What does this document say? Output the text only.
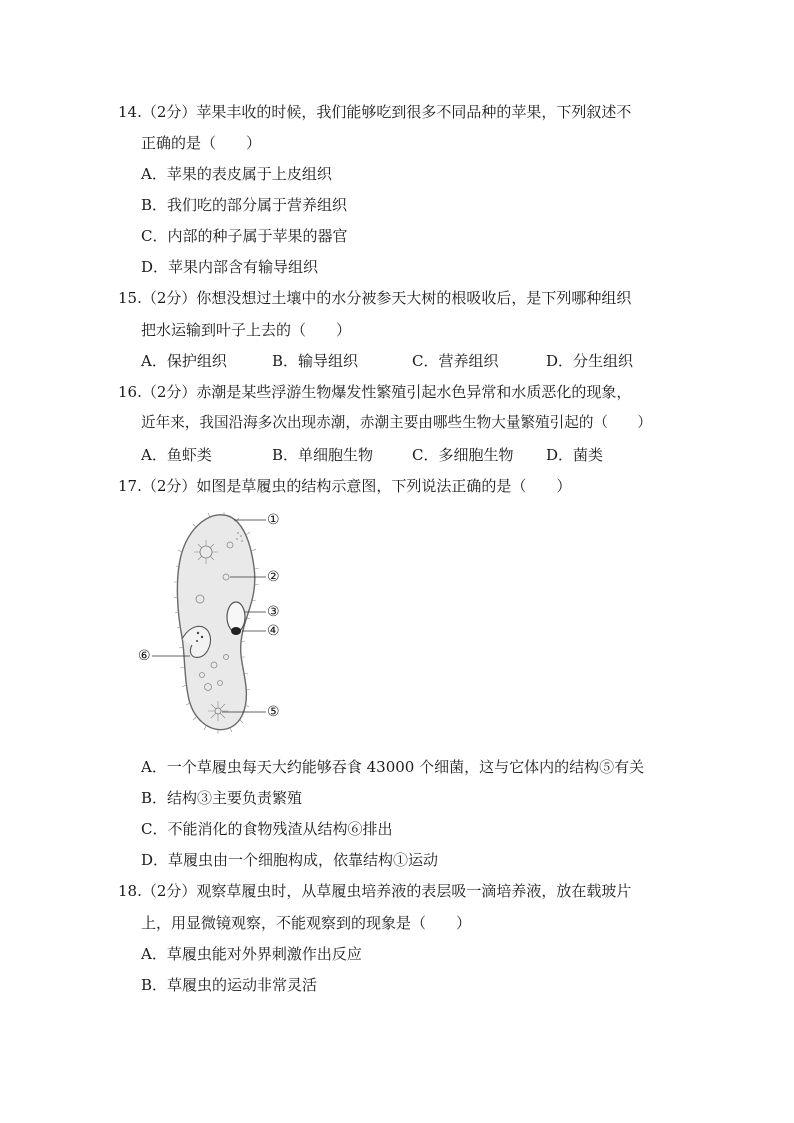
14.（2分）苹果丰收的时候，我们能够吃到很多不同品种的苹果，下列叙述不
正确的是（　　）
A．苹果的表皮属于上皮组织
B．我们吃的部分属于营养组织
C．内部的种子属于苹果的器官
D．苹果内部含有输导组织
15.（2分）你想没想过土壤中的水分被参天大树的根吸收后，是下列哪种组织
把水运输到叶子上去的（　　）
A．保护组织	B．输导组织	C．营养组织	D．分生组织
16.（2分）赤潮是某些浮游生物爆发性繁殖引起水色异常和水质恶化的现象，
近年来，我国沿海多次出现赤潮，赤潮主要由哪些生物大量繁殖引起的（　　）
A．鱼虾类	B．单细胞生物	C．多细胞生物 D．菌类
17.（2分）如图是草履虫的结构示意图，下列说法正确的是（　　）
①
②
③
④
⑤
⑥
A．一个草履虫每天大约能够吞食 43000 个细菌，这与它体内的结构⑤有关
B．结构③主要负责繁殖
C．不能消化的食物残渣从结构⑥排出
D．草履虫由一个细胞构成，依靠结构①运动
18.（2分）观察草履虫时，从草履虫培养液的表层吸一滴培养液，放在载玻片
上，用显微镜观察，不能观察到的现象是（　　）
A．草履虫能对外界刺激作出反应
B．草履虫的运动非常灵活
